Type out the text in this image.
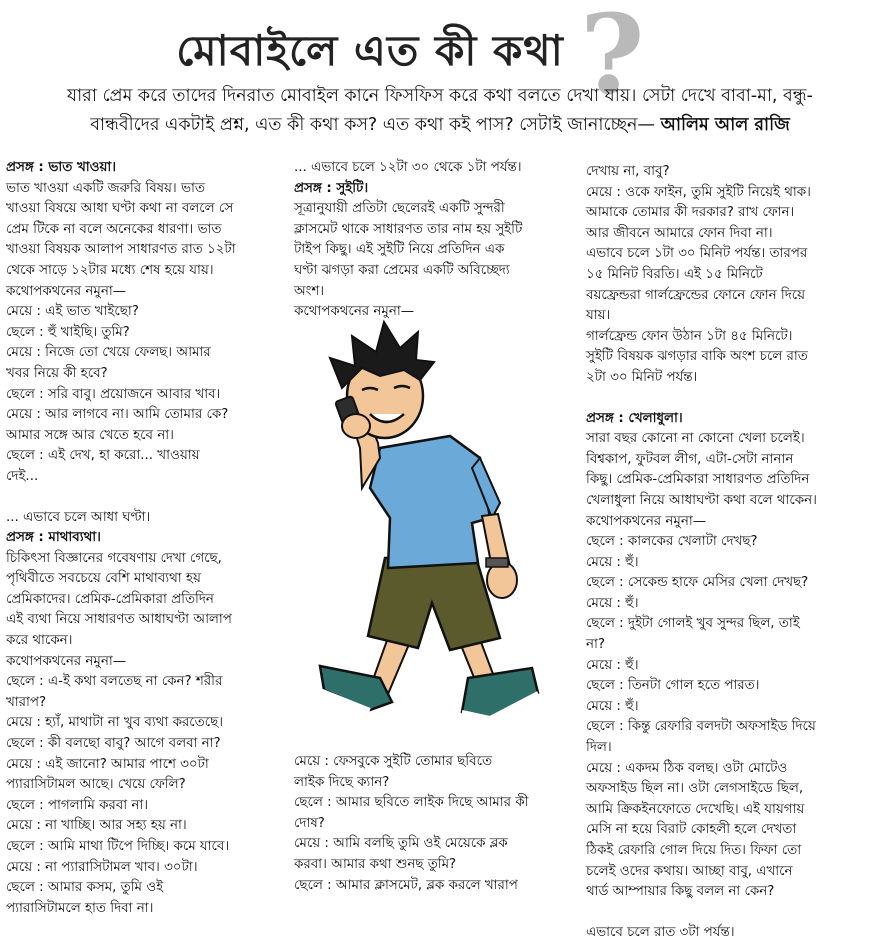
মোবাইলে এত কী কথা ?
যারা প্রেম করে তাদের দিনরাত মোবাইল কানে ফিসফিস করে কথা বলতে দেখা যায়। সেটা দেখে বাবা-মা, বন্ধু-
বান্ধবীদের একটাই প্রশ্ন, এত কী কথা কস? এত কথা কই পাস? সেটাই জানাচ্ছেন— আলিম আল রাজি
প্রসঙ্গ : ভাত খাওয়া।
ভাত খাওয়া একটি জরুরি বিষয়। ভাত
খাওয়া বিষয়ে আধা ঘণ্টা কথা না বললে সে
প্রেম টিকে না বলে অনেকের ধারণা। ভাত
খাওয়া বিষয়ক আলাপ সাধারণত রাত ১২টা
থেকে সাড়ে ১২টার মধ্যে শেষ হয়ে যায়।
কথোপকথনের নমুনা—
মেয়ে : এই ভাত খাইছো?
ছেলে : হুঁ খাইছি। তুমি?
মেয়ে : নিজে তো খেয়ে ফেলছ। আমার
খবর নিয়ে কী হবে?
ছেলে : সরি বাবু। প্রয়োজনে আবার খাব।
মেয়ে : আর লাগবে না। আমি তোমার কে?
আমার সঙ্গে আর খেতে হবে না।
ছেলে : এই দেখ, হা করো... খাওয়ায়
দেই...
... এভাবে চলে আধা ঘণ্টা।
প্রসঙ্গ : মাথাব্যথা।
চিকিৎসা বিজ্ঞানের গবেষণায় দেখা গেছে,
পৃথিবীতে সবচেয়ে বেশি মাথাব্যথা হয়
প্রেমিকাদের। প্রেমিক-প্রেমিকারা প্রতিদিন
এই ব্যথা নিয়ে সাধারণত আধাঘণ্টা আলাপ
করে থাকেন।
কথোপকথনের নমুনা—
ছেলে : এ-ই কথা বলতেছ না কেন? শরীর
খারাপ?
মেয়ে : হ্যাঁ, মাথাটা না খুব ব্যথা করতেছে।
ছেলে : কী বলছো বাবু? আগে বলবা না?
মেয়ে : এই জানো? আমার পাশে ৩০টা
প্যারাসিটামল আছে। খেয়ে ফেলি?
ছেলে : পাগলামি করবা না।
মেয়ে : না খাচ্ছি। আর সহ্য হয় না।
ছেলে : আমি মাথা টিপে দিচ্ছি। কমে যাবে।
মেয়ে : না প্যারাসিটামল খাব। ৩০টা।
ছেলে : আমার কসম, তুমি ওই
প্যারাসিটামলে হাত দিবা না।
... এভাবে চলে ১২টা ৩০ থেকে ১টা পর্যন্ত।
প্রসঙ্গ : সুইটি।
সূত্রানুযায়ী প্রতিটা ছেলেরই একটি সুন্দরী
ক্লাসমেট থাকে সাধারণত তার নাম হয় সুইটি
টাইপ কিছু। এই সুইটি নিয়ে প্রতিদিন এক
ঘণ্টা ঝগড়া করা প্রেমের একটি অবিচ্ছেদ্য
অংশ।
কথোপকথনের নমুনা—
মেয়ে : ফেসবুকে সুইটি তোমার ছবিতে
লাইক দিছে ক্যান?
ছেলে : আমার ছবিতে লাইক দিছে আমার কী
দোষ?
মেয়ে : আমি বলছি তুমি ওই মেয়েকে ব্লক
করবা। আমার কথা শুনছ তুমি?
ছেলে : আমার ক্লাসমেট, ব্লক করলে খারাপ
দেখায় না, বাবু?
মেয়ে : ওকে ফাইন, তুমি সুইটি নিয়েই থাক।
আমাকে তোমার কী দরকার? রাখ ফোন।
আর জীবনে আমারে ফোন দিবা না।
এভাবে চলে ১টা ৩০ মিনিট পর্যন্ত। তারপর
১৫ মিনিট বিরতি। এই ১৫ মিনিটে
বয়ফ্রেন্ডরা গার্লফ্রেন্ডের ফোনে ফোন দিয়ে
যায়।
গার্লফ্রেন্ড ফোন উঠান ১টা ৪৫ মিনিটে।
সুইটি বিষয়ক ঝগড়ার বাকি অংশ চলে রাত
২টা ৩০ মিনিট পর্যন্ত।
প্রসঙ্গ : খেলাধুলা।
সারা বছর কোনো না কোনো খেলা চলেই।
বিশ্বকাপ, ফুটবল লীগ, এটা-সেটা নানান
কিছু। প্রেমিক-প্রেমিকারা সাধারণত প্রতিদিন
খেলাধুলা নিয়ে আধাঘণ্টা কথা বলে থাকেন।
কথোপকথনের নমুনা—
ছেলে : কালকের খেলাটা দেখছ?
মেয়ে : হুঁ।
ছেলে : সেকেন্ড হাফে মেসির খেলা দেখছ?
মেয়ে : হুঁ।
ছেলে : দুইটা গোলই খুব সুন্দর ছিল, তাই
না?
মেয়ে : হুঁ।
ছেলে : তিনটা গোল হতে পারত।
মেয়ে : হুঁ।
ছেলে : কিন্তু রেফারি বলদটা অফসাইড দিয়ে
দিল।
মেয়ে : একদম ঠিক বলছ। ওটা মোটেও
অফসাইড ছিল না। ওটা লেগসাইডে ছিল,
আমি ক্রিকইনফোতে দেখেছি। এই যায়গায়
মেসি না হয়ে বিরাট কোহলী হলে দেখতা
ঠিকই রেফারি গোল দিয়ে দিত। ফিফা তো
চলেই ওদের কথায়। আচ্ছা বাবু, এখানে
থার্ড আম্পায়ার কিছু বলল না কেন?
এভাবে চলে রাত ৩টা পর্যন্ত।
